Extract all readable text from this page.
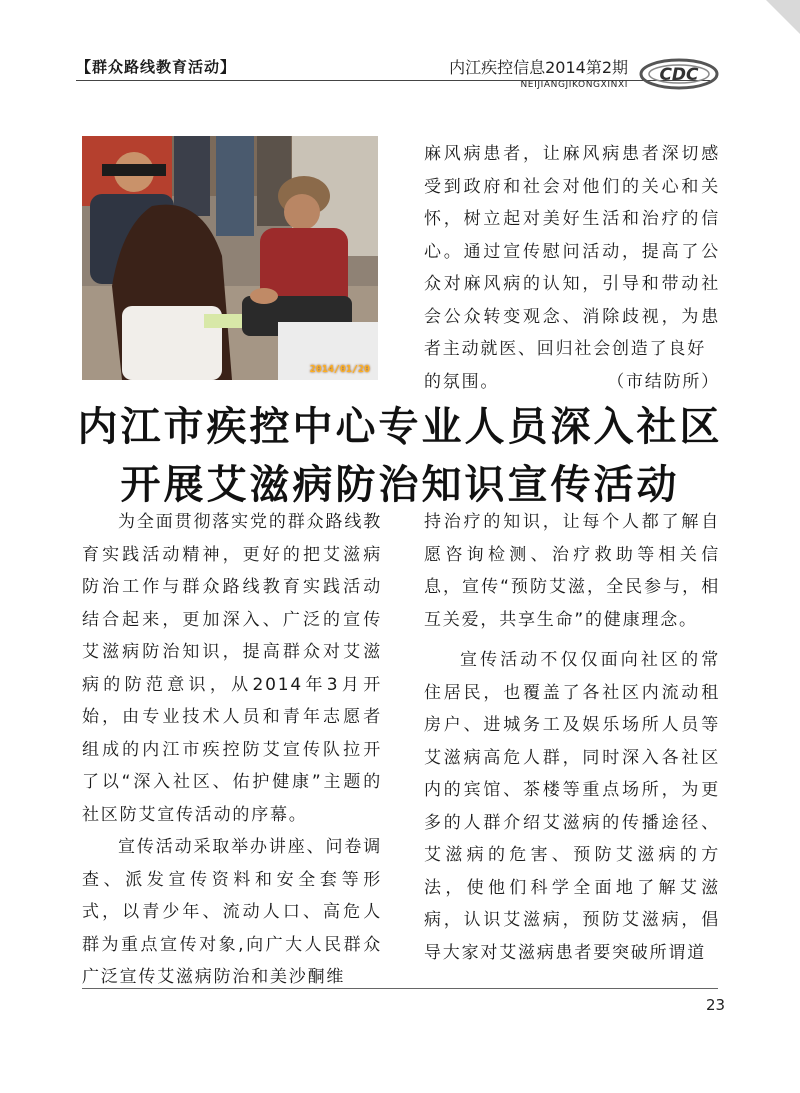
【群众路线教育活动】	内江疾控信息2014第2期
NEIJIANGJIKONGXINXI CDC
2014/01/20

麻风病患者，让麻风病患者深切感受到政府和社会对他们的关心和关怀，树立起对美好生活和治疗的信心。通过宣传慰问活动，提高了公众对麻风病的认知，引导和带动社会公众转变观念、消除歧视，为患者主动就医、回归社会创造了良好

的氛围。	（市结防所）
内江市疾控中心专业人员深入社区
开展艾滋病防治知识宣传活动

为全面贯彻落实党的群众路线教育实践活动精神，更好的把艾滋病防治工作与群众路线教育实践活动结合起来，更加深入、广泛的宣传艾滋病防治知识，提高群众对艾滋病的防范意识，从2014年3月开始，由专业技术人员和青年志愿者组成的内江市疾控防艾宣传队拉开了以“深入社区、佑护健康”主题的社区防艾宣传活动的序幕。

宣传活动采取举办讲座、问卷调查、派发宣传资料和安全套等形式，以青少年、流动人口、高危人群为重点宣传对象,向广大人民群众广泛宣传艾滋病防治和美沙酮维

持治疗的知识，让每个人都了解自愿咨询检测、治疗救助等相关信息，宣传“预防艾滋，全民参与，相互关爱，共享生命”的健康理念。

宣传活动不仅仅面向社区的常住居民，也覆盖了各社区内流动租房户、进城务工及娱乐场所人员等艾滋病高危人群，同时深入各社区内的宾馆、茶楼等重点场所，为更多的人群介绍艾滋病的传播途径、艾滋病的危害、预防艾滋病的方法，使他们科学全面地了解艾滋病，认识艾滋病，预防艾滋病，倡导大家对艾滋病患者要突破所谓道

23
